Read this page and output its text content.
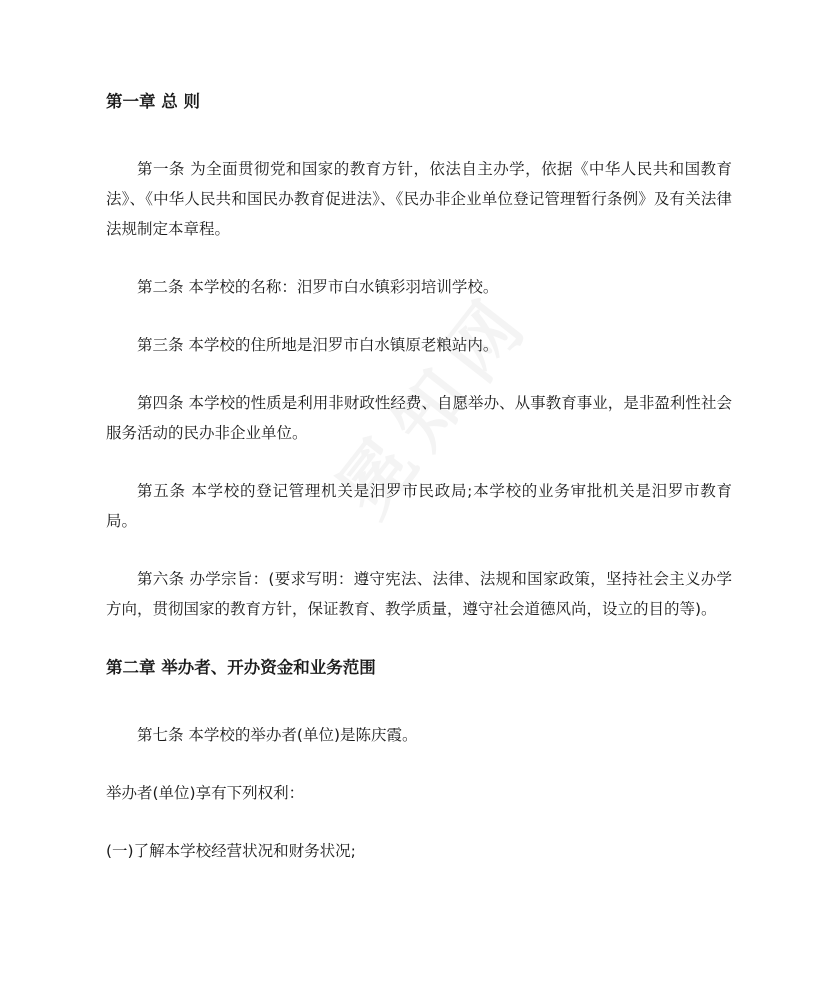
第一章 总 则

第一条 为全面贯彻党和国家的教育方针，依法自主办学，依据《中华人民共和国教育法》、《中华人民共和国民办教育促进法》、《民办非企业单位登记管理暂行条例》及有关法律法规制定本章程。

第二条 本学校的名称：汨罗市白水镇彩羽培训学校。

第三条 本学校的住所地是汨罗市白水镇原老粮站内。

第四条 本学校的性质是利用非财政性经费、自愿举办、从事教育事业，是非盈利性社会服务活动的民办非企业单位。

第五条 本学校的登记管理机关是汨罗市民政局;本学校的业务审批机关是汨罗市教育局。

第六条 办学宗旨：(要求写明：遵守宪法、法律、法规和国家政策，坚持社会主义办学方向，贯彻国家的教育方针，保证教育、教学质量，遵守社会道德风尚，设立的目的等)。

第二章 举办者、开办资金和业务范围

第七条 本学校的举办者(单位)是陈庆霞。

举办者(单位)享有下列权利：

(一)了解本学校经营状况和财务状况;
